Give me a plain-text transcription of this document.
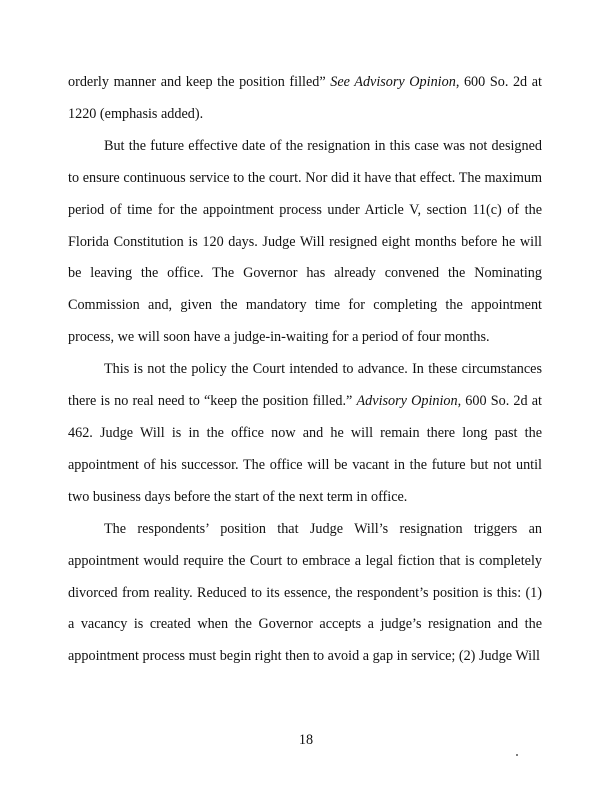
orderly manner and keep the position filled” See Advisory Opinion, 600 So. 2d at 1220 (emphasis added).

But the future effective date of the resignation in this case was not designed to ensure continuous service to the court. Nor did it have that effect. The maximum period of time for the appointment process under Article V, section 11(c) of the Florida Constitution is 120 days. Judge Will resigned eight months before he will be leaving the office. The Governor has already convened the Nominating Commission and, given the mandatory time for completing the appointment process, we will soon have a judge-in-waiting for a period of four months.

This is not the policy the Court intended to advance. In these circumstances there is no real need to “keep the position filled.” Advisory Opinion, 600 So. 2d at 462. Judge Will is in the office now and he will remain there long past the appointment of his successor. The office will be vacant in the future but not until two business days before the start of the next term in office.

The respondents’ position that Judge Will’s resignation triggers an appointment would require the Court to embrace a legal fiction that is completely divorced from reality. Reduced to its essence, the respondent’s position is this: (1) a vacancy is created when the Governor accepts a judge’s resignation and the appointment process must begin right then to avoid a gap in service; (2) Judge Will

18
